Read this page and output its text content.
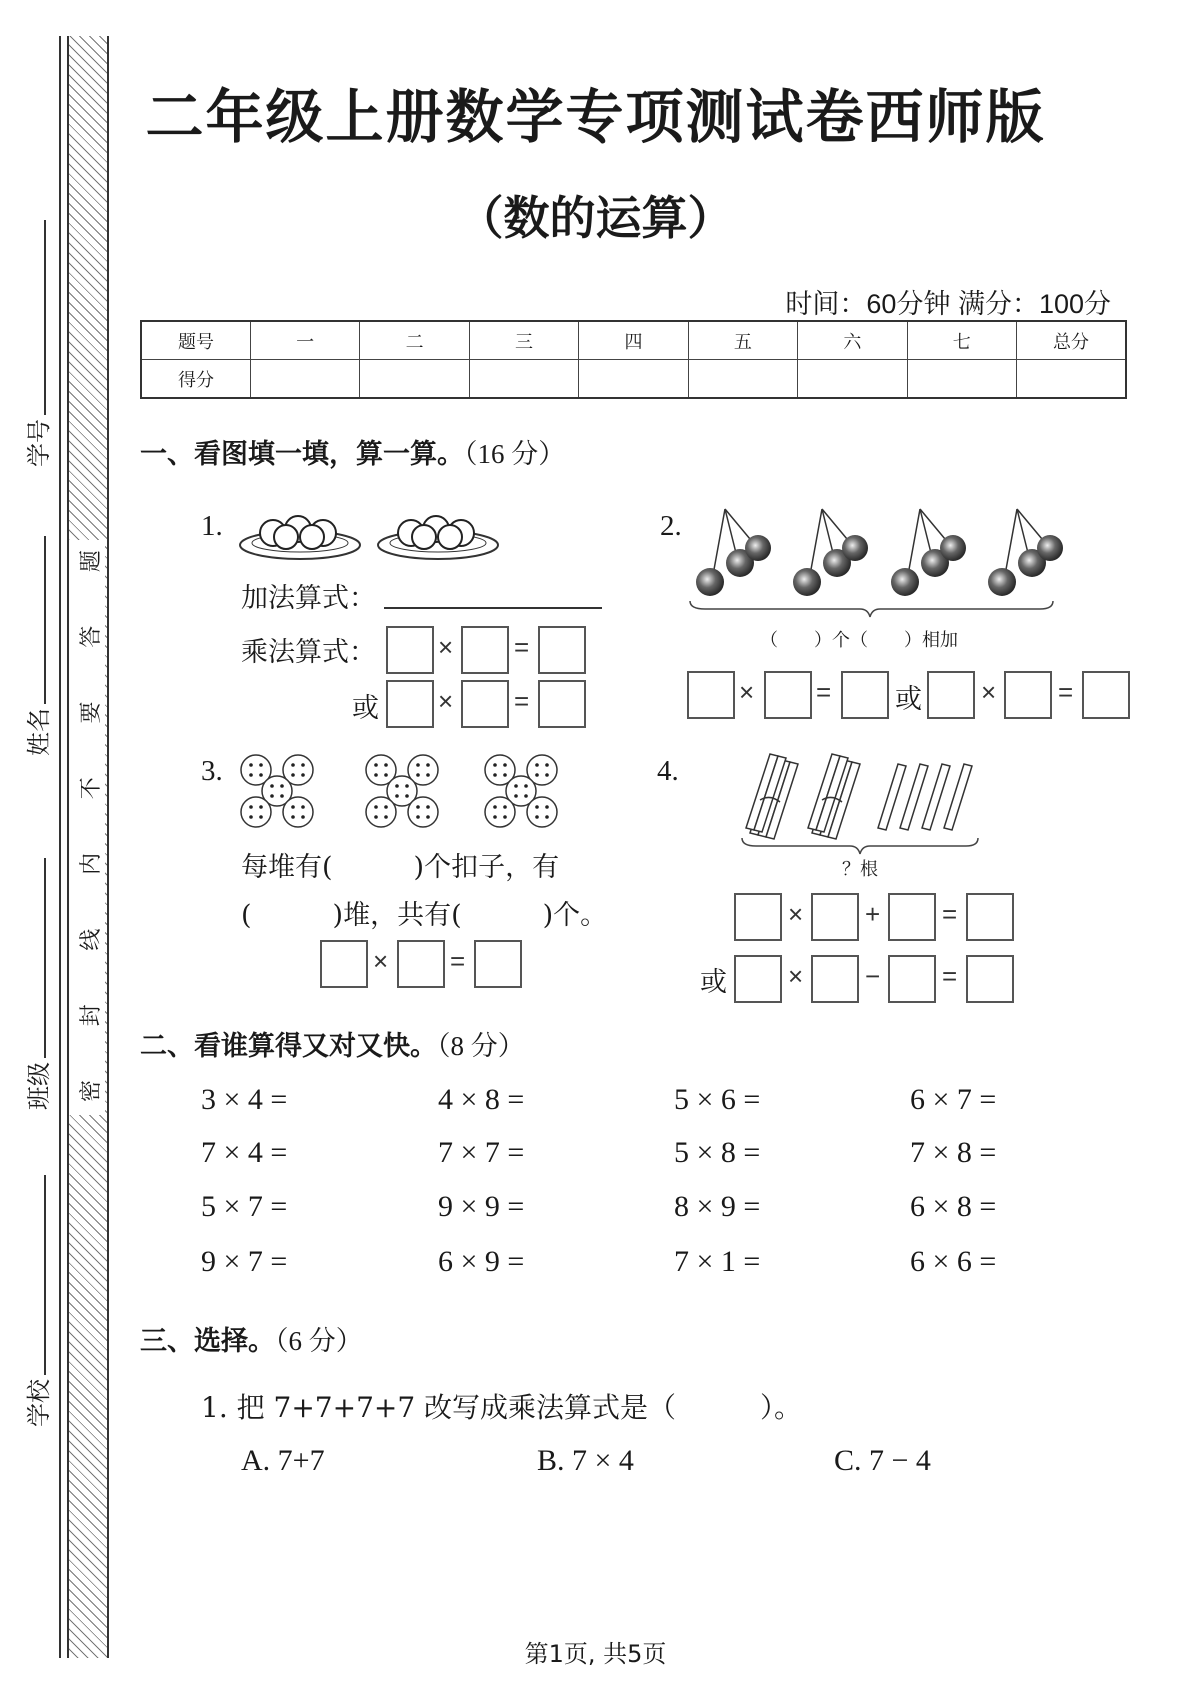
密
封
线
内
不
要
答
题
学号
姓名
班级
学校
二年级上册数学专项测试卷西师版
（数的运算）
时间：60分钟 满分：100分
题号	一	二	三	四	五	六	七	总分
得分								
一、看图填一填，算一算。（16 分）
1.
加法算式：
乘法算式： × =
或 × =
2.
（　　）个（　　）相加
× = 或 × =
3.
每堆有(　　　)个扣子，有
(　　　)堆，共有(　　　)个。
× =
4.
？根
× + =
或 × − =
二、看谁算得又对又快。（8 分）
3 × 4 =	4 × 8 =	5 × 6 =	6 × 7 =
7 × 4 =	7 × 7 =	5 × 8 =	7 × 8 =
5 × 7 =	9 × 9 =	8 × 9 =	6 × 8 =
9 × 7 =	6 × 9 =	7 × 1 =	6 × 6 =
三、选择。（6 分）
1. 把 7+7+7+7 改写成乘法算式是（　　　）。
A. 7+7	B. 7 × 4	C. 7 − 4
第1页, 共5页
